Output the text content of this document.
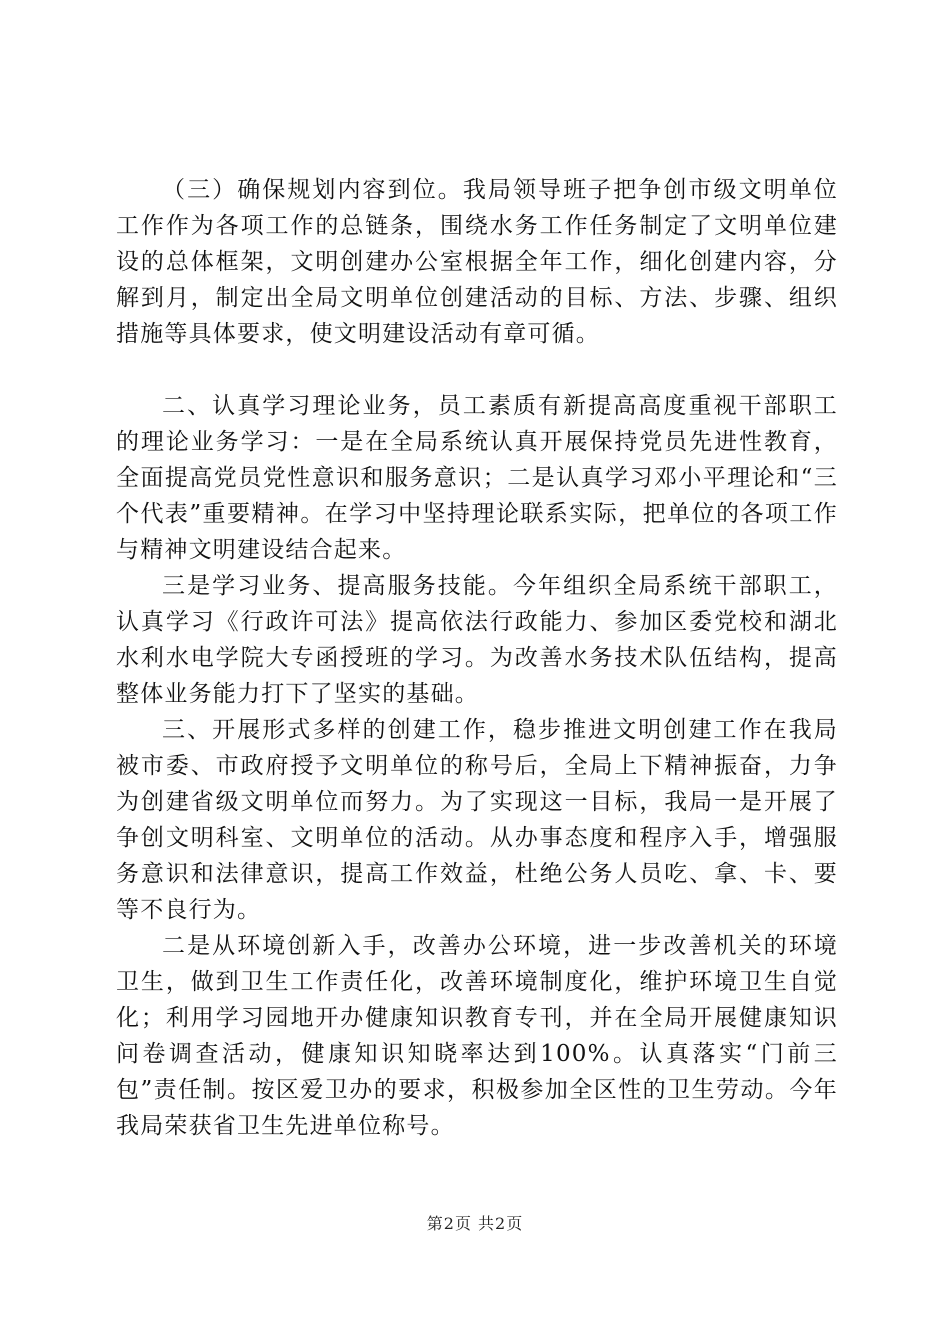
（三）确保规划内容到位。我局领导班子把争创市级文明单位工作作为各项工作的总链条，围绕水务工作任务制定了文明单位建设的总体框架，文明创建办公室根据全年工作，细化创建内容，分解到月，制定出全局文明单位创建活动的目标、方法、步骤、组织措施等具体要求，使文明建设活动有章可循。

二、认真学习理论业务，员工素质有新提高高度重视干部职工的理论业务学习：一是在全局系统认真开展保持党员先进性教育，全面提高党员党性意识和服务意识；二是认真学习邓小平理论和“三个代表”重要精神。在学习中坚持理论联系实际，把单位的各项工作与精神文明建设结合起来。

三是学习业务、提高服务技能。今年组织全局系统干部职工，认真学习《行政许可法》提高依法行政能力、参加区委党校和湖北水利水电学院大专函授班的学习。为改善水务技术队伍结构，提高整体业务能力打下了坚实的基础。

三、开展形式多样的创建工作，稳步推进文明创建工作在我局被市委、市政府授予文明单位的称号后，全局上下精神振奋，力争为创建省级文明单位而努力。为了实现这一目标，我局一是开展了争创文明科室、文明单位的活动。从办事态度和程序入手，增强服务意识和法律意识，提高工作效益，杜绝公务人员吃、拿、卡、要等不良行为。

二是从环境创新入手，改善办公环境，进一步改善机关的环境卫生，做到卫生工作责任化，改善环境制度化，维护环境卫生自觉化；利用学习园地开办健康知识教育专刊，并在全局开展健康知识问卷调查活动，健康知识知晓率达到100%。认真落实“门前三包”责任制。按区爱卫办的要求，积极参加全区性的卫生劳动。今年我局荣获省卫生先进单位称号。

第2页 共2页
